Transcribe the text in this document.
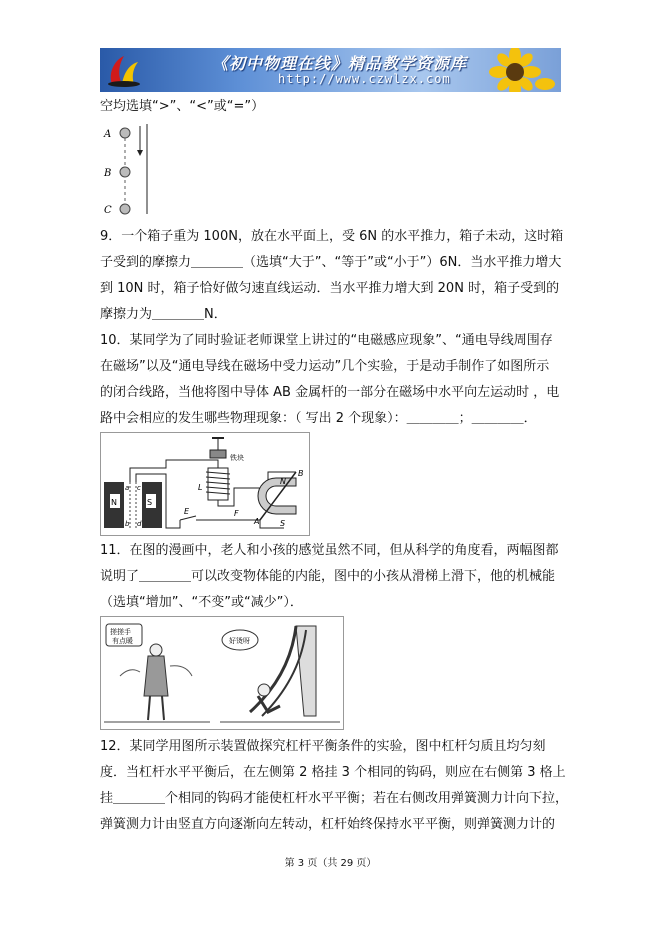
《初中物理在线》精品教学资源库
http://www.czwlzx.com
空均选填“>”、“<”或“=”）
A
B
C
9．一个箱子重为 100N，放在水平面上，受 6N 的水平推力，箱子未动，这时箱
子受到的摩擦力＿＿＿＿（选填“大于”、“等于”或“小于”）6N．当水平推力增大
到 10N 时，箱子恰好做匀速直线运动．当水平推力增大到 20N 时，箱子受到的
摩擦力为＿＿＿＿N．
10．某同学为了同时验证老师课堂上讲过的“电磁感应现象”、“通电导线周围存
在磁场”以及“通电导线在磁场中受力运动”几个实验，于是动手制作了如图所示
的闭合线路，当他将图中导体 AB 金属杆的一部分在磁场中水平向左运动时 ，电
路中会相应的发生哪些物理现象：（ 写出 2 个现象）：＿＿＿＿；＿＿＿＿．
N	S
a c
b d
铁块
L
E	F
N
B
S
A
11．在图的漫画中，老人和小孩的感觉虽然不同，但从科学的角度看，两幅图都
说明了＿＿＿＿可以改变物体能的内能，图中的小孩从滑梯上滑下，他的机械能
（选填“增加”、“不变”或“减少”）．
搓搓手
有点暖	好烫呀
12．某同学用图所示装置做探究杠杆平衡条件的实验，图中杠杆匀质且均匀刻
度．当杠杆水平平衡后，在左侧第 2 格挂 3 个相同的钩码，则应在右侧第 3 格上
挂＿＿＿＿个相同的钩码才能使杠杆水平平衡；若在右侧改用弹簧测力计向下拉，
弹簧测力计由竖直方向逐渐向左转动，杠杆始终保持水平平衡，则弹簧测力计的
第 3 页（共 29 页）
